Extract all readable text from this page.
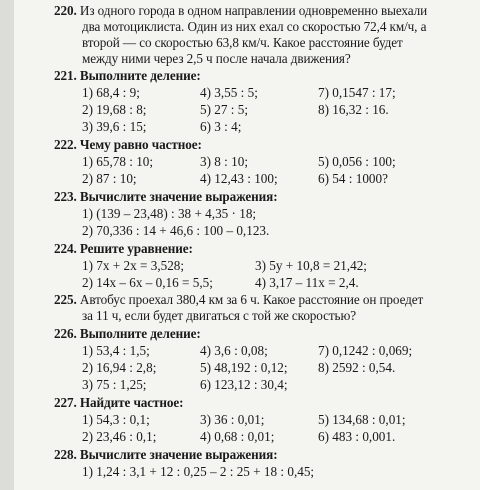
220. Из одного города в одном направлении одновременно выехали
два мотоциклиста. Один из них ехал со скоростью 72,4 км/ч, а
второй — со скоростью 63,8 км/ч. Какое расстояние будет
между ними через 2,5 ч после начала движения?
221. Выполните деление:
1) 68,4 : 9;	4) 3,55 : 5;	7) 0,1547 : 17;
2) 19,68 : 8;	5) 27 : 5;	8) 16,32 : 16.
3) 39,6 : 15;	6) 3 : 4;
222. Чему равно частное:
1) 65,78 : 10;	3) 8 : 10;	5) 0,056 : 100;
2) 87 : 10;	4) 12,43 : 100;	6) 54 : 1000?
223. Вычислите значение выражения:
1) (139 – 23,48) : 38 + 4,35 · 18;
2) 70,336 : 14 + 46,6 : 100 – 0,123.
224. Решите уравнение:
1) 7x + 2x = 3,528;	3) 5y + 10,8 = 21,42;
2) 14x – 6x – 0,16 = 5,5;	4) 3,17 – 11x = 2,4.
225. Автобус проехал 380,4 км за 6 ч. Какое расстояние он проедет
за 11 ч, если будет двигаться с той же скоростью?
226. Выполните деление:
1) 53,4 : 1,5;	4) 3,6 : 0,08;	7) 0,1242 : 0,069;
2) 16,94 : 2,8;	5) 48,192 : 0,12; 8) 2592 : 0,54.
3) 75 : 1,25;	6) 123,12 : 30,4;
227. Найдите частное:
1) 54,3 : 0,1;	3) 36 : 0,01;	5) 134,68 : 0,01;
2) 23,46 : 0,1;	4) 0,68 : 0,01;	6) 483 : 0,001.
228. Вычислите значение выражения:
1) 1,24 : 3,1 + 12 : 0,25 – 2 : 25 + 18 : 0,45;
